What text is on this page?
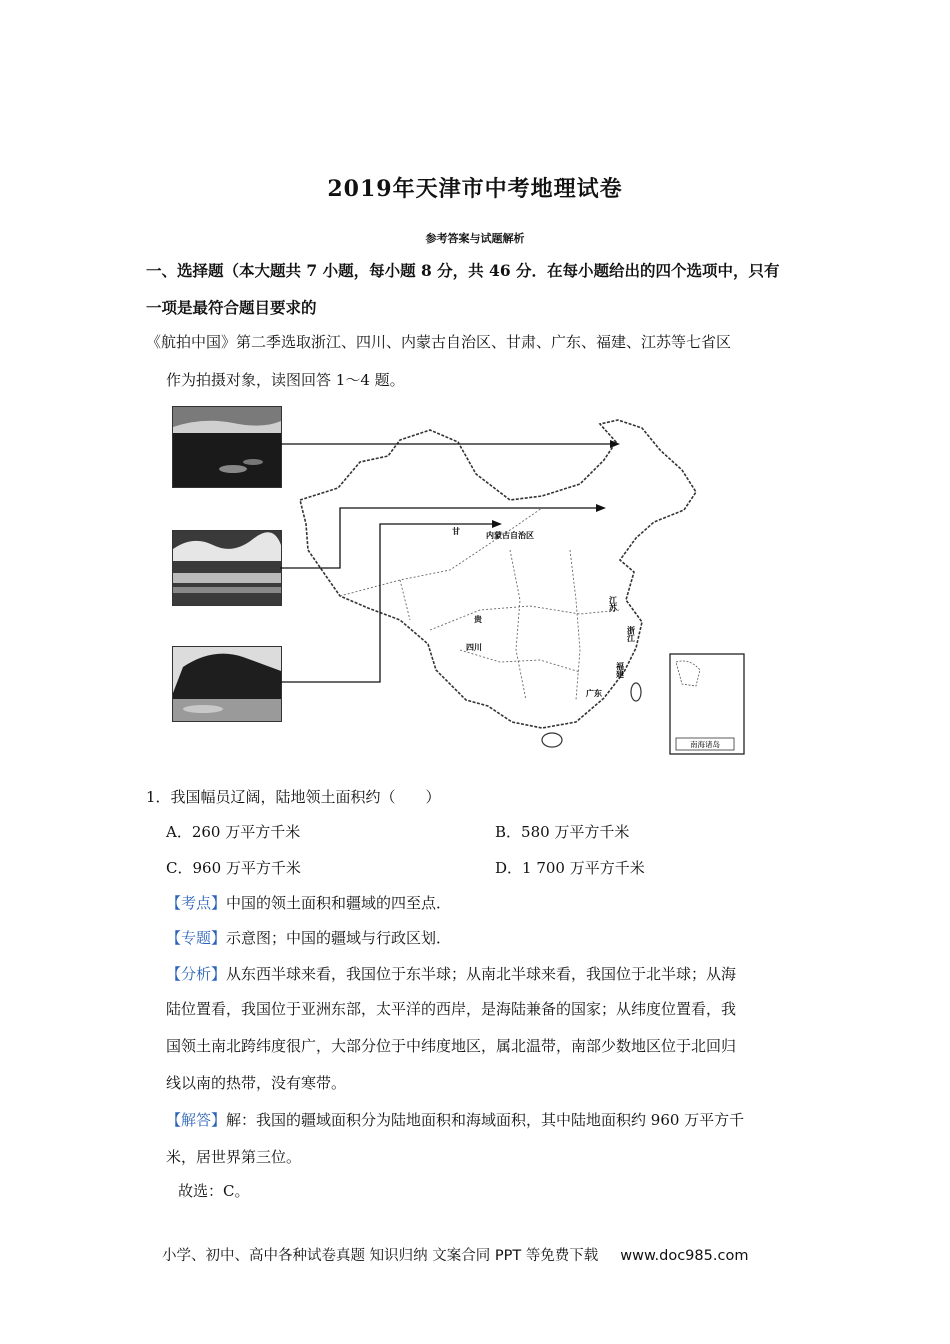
2019年天津市中考地理试卷
参考答案与试题解析
一、选择题（本大题共 7 小题，每小题 8 分，共 46 分．在每小题给出的四个选项中，只有
一项是最符合题目要求的
《航拍中国》第二季选取浙江、四川、内蒙古自治区、甘肃、广东、福建、江苏等七省区
作为拍摄对象，读图回答 1～4 题。
南海诸岛
甘	内蒙古自治区
贵
四川
江苏
浙江
福建
广东
1．我国幅员辽阔，陆地领土面积约（　　）
A．260 万平方千米	B．580 万平方千米
C．960 万平方千米	D．1 700 万平方千米
【考点】中国的领土面积和疆域的四至点．
【专题】示意图；中国的疆域与行政区划．
【分析】从东西半球来看，我国位于东半球；从南北半球来看，我国位于北半球；从海
陆位置看，我国位于亚洲东部，太平洋的西岸，是海陆兼备的国家；从纬度位置看，我
国领土南北跨纬度很广，大部分位于中纬度地区，属北温带，南部少数地区位于北回归
线以南的热带，没有寒带。
【解答】解：我国的疆域面积分为陆地面积和海域面积，其中陆地面积约 960 万平方千
米，居世界第三位。
故选：C。
小学、初中、高中各种试卷真题 知识归纳 文案合同 PPT 等免费下载 www.doc985.com
